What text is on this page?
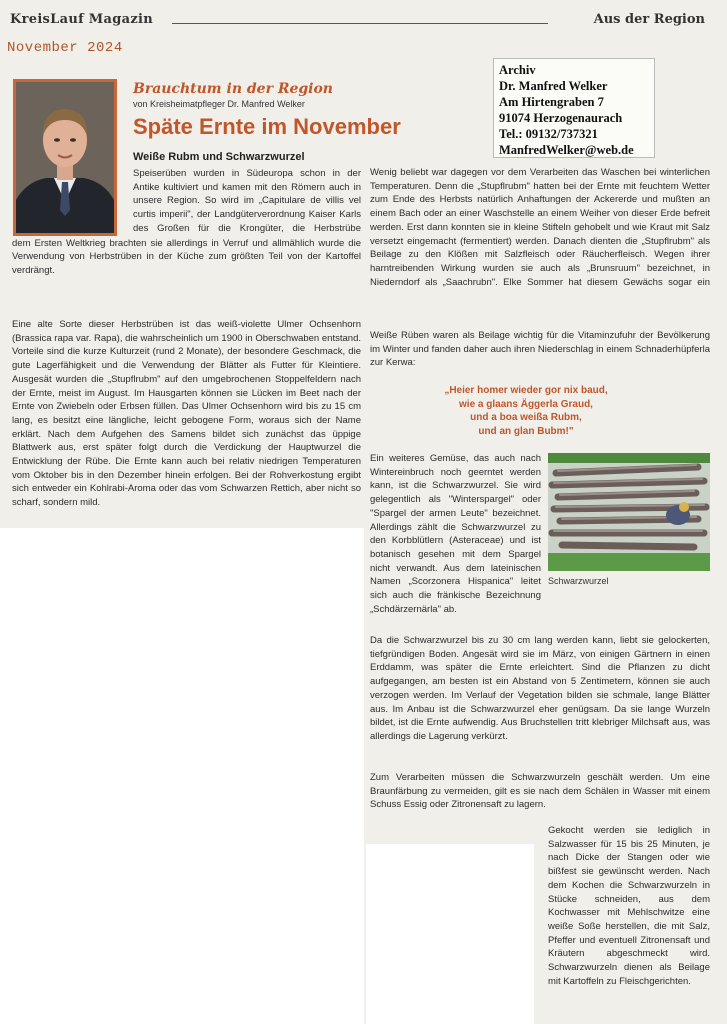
KreisLauf Magazin	Aus der Region
November 2024
Brauchtum in der Region
von Kreisheimatpfleger Dr. Manfred Welker
Späte Ernte im November
Weiße Rubm und Schwarzwurzel
Archiv
Dr. Manfred Welker
Am Hirtengraben 7
91074 Herzogenaurach
Tel.: 09132/737321
ManfredWelker@web.de

Speiserüben wurden in Südeuropa schon in der Antike kultiviert und kamen mit den Römern auch in unsere Region. So wird im „Capitulare de villis vel curtis imperii", der Landgüterverordnung Kaiser Karls des Großen für die Krongüter, die Herbstrübe

dem Ersten Weltkrieg brachten sie allerdings in Verruf und allmählich wurde die Verwendung von Herbstrüben in der Küche zum größten Teil von der Kartoffel verdrängt.

Eine alte Sorte dieser Herbstrüben ist das weiß-violette Ulmer Ochsenhorn (Brassica rapa var. Rapa), die wahrscheinlich um 1900 in Oberschwaben entstand. Vorteile sind die kurze Kulturzeit (rund 2 Monate), der besondere Geschmack, die gute Lagerfähigkeit und die Verwendung der Blätter als Futter für Kleintiere. Ausgesät wurden die „Stupflrubm" auf den umgebrochenen Stoppelfeldern nach der Ernte, meist im August. Im Hausgarten können sie Lücken im Beet nach der Ernte von Zwiebeln oder Erbsen füllen. Das Ulmer Ochsenhorn wird bis zu 15 cm lang, es besitzt eine längliche, leicht gebogene Form, woraus sich der Name erklärt. Nach dem Aufgehen des Samens bildet sich zunächst das üppige Blattwerk aus, erst später folgt durch die Verdickung der Hauptwurzel die Entwicklung der Rübe. Die Ernte kann auch bei relativ niedrigen Temperaturen vom Oktober bis in den Dezember hinein erfolgen. Bei der Rohverkostung ergibt sich entweder ein Kohlrabi-Aroma oder das vom Schwarzen Rettich, aber nicht so scharf, sondern mild.

Wenig beliebt war dagegen vor dem Verarbeiten das Waschen bei winterlichen Temperaturen. Denn die „Stupflrubm" hatten bei der Ernte mit feuchtem Wetter zum Ende des Herbsts natürlich Anhaftungen der Ackererde und mußten an einem Bach oder an einer Waschstelle an einem Weiher von dieser Erde befreit werden. Erst dann konnten sie in kleine Stifteln gehobelt und wie Kraut mit Salz versetzt eingemacht (fermentiert) werden. Danach dienten die „Stupflrubm" als Beilage zu den Klößen mit Salzfleisch oder Räucherfleisch. Wegen ihrer harntreibenden Wirkung wurden sie auch als „Brunsruum" bezeichnet, in Niederndorf als „Saachrubn". Elke Sommer hat diesem Gewächs sogar ein

Weiße Rüben waren als Beilage wichtig für die Vitaminzufuhr der Bevölkerung im Winter und fanden daher auch ihren Niederschlag in einem Schnaderhüpferla zur Kerwa:

„Heier homer wieder gor nix baud,
wie a glaans Äggerla Graud,
und a boa weißa Rubm,
und an glan Bubm!"

Ein weiteres Gemüse, das auch nach Wintereinbruch noch geerntet werden kann, ist die Schwarzwurzel. Sie wird gelegentlich als "Winterspargel" oder "Spargel der armen Leute" bezeichnet. Allerdings zählt die Schwarzwurzel zu den Korbblütlern (Asteraceae) und ist botanisch gesehen mit dem Spargel nicht verwandt. Aus dem lateinischen Namen „Scorzonera Hispanica" leitet

sich auch die fränkische Bezeichnung „Schdärzernärla" ab.

Schwarzwurzel

Da die Schwarzwurzel bis zu 30 cm lang werden kann, liebt sie gelockerten, tiefgründigen Boden. Angesät wird sie im März, von einigen Gärtnern in einen Erddamm, was später die Ernte erleichtert. Sind die Pflanzen zu dicht aufgegangen, am besten ist ein Abstand von 5 Zentimetern, können sie auch verzogen werden. Im Verlauf der Vegetation bilden sie schmale, lange Blätter aus. Im Anbau ist die Schwarzwurzel eher genügsam. Da sie lange Wurzeln bildet, ist die Ernte aufwendig. Aus Bruchstellen tritt klebriger Milchsaft aus, was allerdings die Lagerung verkürzt.

Zum Verarbeiten müssen die Schwarzwurzeln geschält werden. Um eine Braunfärbung zu vermeiden, gilt es sie nach dem Schälen in Wasser mit einem Schuss Essig oder Zitronensaft zu lagern.

Gekocht werden sie lediglich in Salzwasser für 15 bis 25 Minuten, je nach Dicke der Stangen oder wie bißfest sie gewünscht werden. Nach dem Kochen die Schwarzwurzeln in Stücke schneiden, aus dem Kochwasser mit Mehlschwitze eine weiße Soße herstellen, die mit Salz, Pfeffer und eventuell Zitronensaft und Kräutern abgeschmeckt wird. Schwarzwurzeln dienen als Beilage mit Kartoffeln zu Fleischgerichten.
